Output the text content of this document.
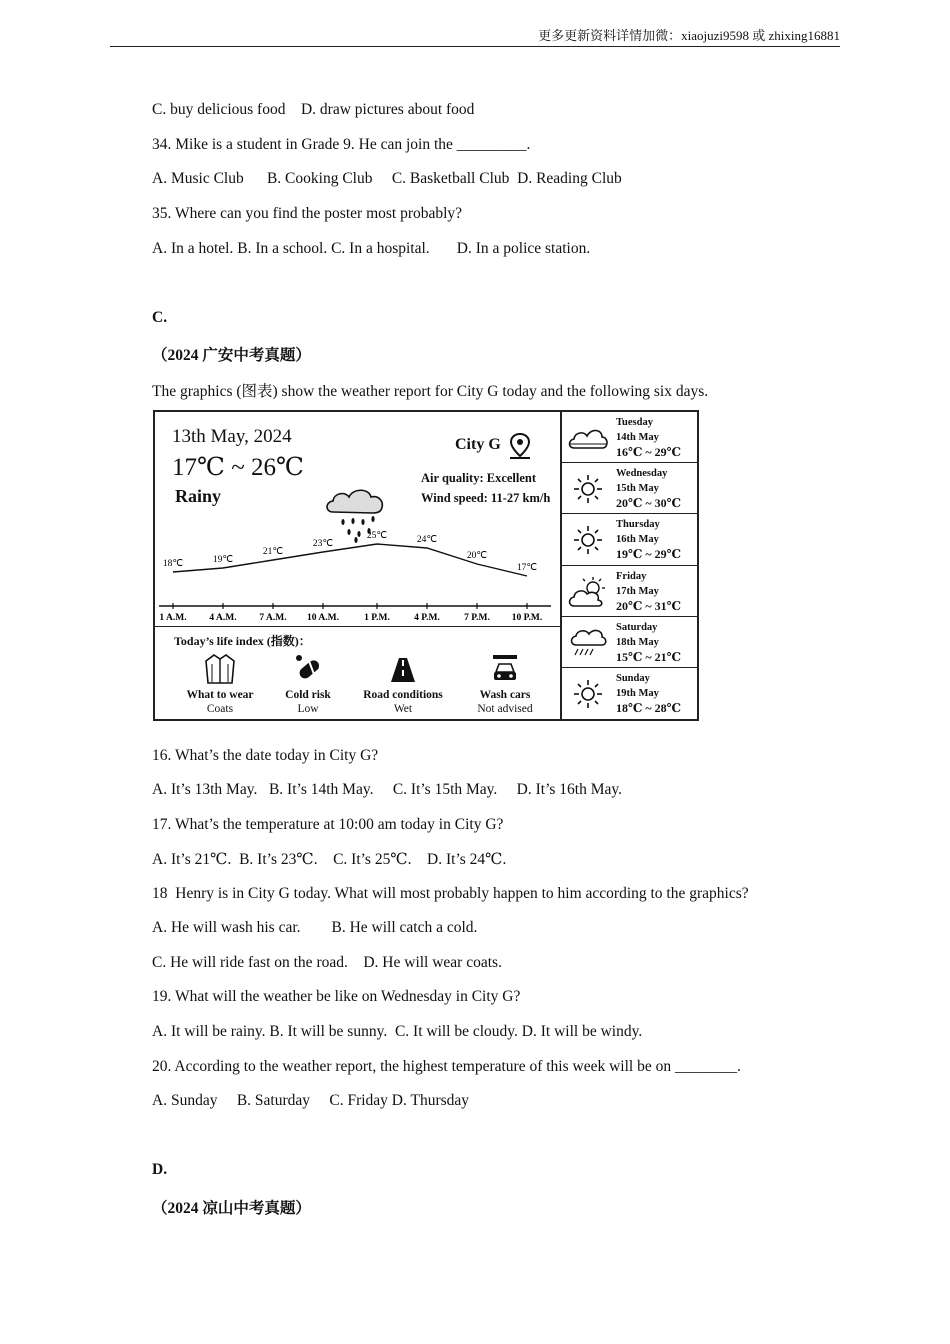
更多更新资料详情加微：xiaojuzi9598 或 zhixing16881
C. buy delicious food    D. draw pictures about food
34. Mike is a student in Grade 9. He can join the _________.
A. Music Club      B. Cooking Club     C. Basketball Club  D. Reading Club
35. Where can you find the poster most probably?
A. In a hotel. B. In a school. C. In a hospital.       D. In a police station.
C.
（2024 广安中考真题）
The graphics (图表) show the weather report for City G today and the following six days.
13th May, 2024
17℃ ~ 26℃
Rainy
City G
Air quality: Excellent
Wind speed: 11-27 km/h
18℃
1 A.M.
19℃
4 A.M.
21℃
7 A.M.
23℃
10 A.M.
25℃
1 P.M.
24℃
4 P.M.
20℃
7 P.M.
17℃
10 P.M.
Today’s life index (指数)：
What to wear
Coats
Cold risk
Low
Road conditions
Wet
Wash cars
Not advised
Tuesday
14th May
16℃ ~ 29℃
Wednesday
15th May
20℃ ~ 30℃
Thursday
16th May
19℃ ~ 29℃
Friday
17th May
20℃ ~ 31℃
Saturday
18th May
15℃ ~ 21℃
Sunday
19th May
18℃ ~ 28℃
16. What’s the date today in City G?
A. It’s 13th May.   B. It’s 14th May.     C. It’s 15th May.     D. It’s 16th May.
17. What’s the temperature at 10:00 am today in City G?
A. It’s 21℃.  B. It’s 23℃.    C. It’s 25℃.    D. It’s 24℃.
18  Henry is in City G today. What will most probably happen to him according to the graphics?
A. He will wash his car.        B. He will catch a cold.
C. He will ride fast on the road.    D. He will wear coats.
19. What will the weather be like on Wednesday in City G?
A. It will be rainy. B. It will be sunny.  C. It will be cloudy. D. It will be windy.
20. According to the weather report, the highest temperature of this week will be on ________.
A. Sunday     B. Saturday     C. Friday D. Thursday
D.
（2024 凉山中考真题）
